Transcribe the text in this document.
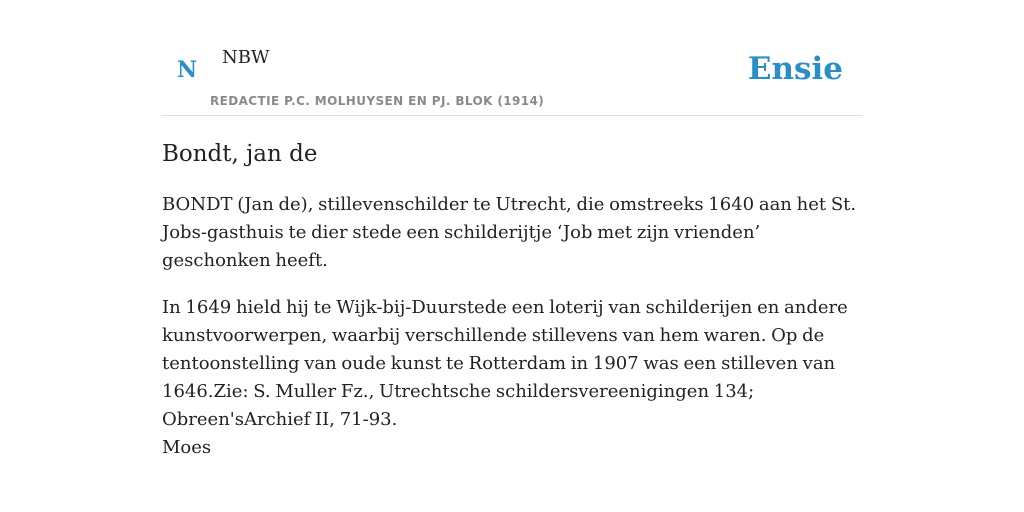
N NBW	Ensie
REDACTIE P.C. MOLHUYSEN EN PJ. BLOK (1914)
Bondt, jan de

BONDT (Jan de), stillevenschilder te Utrecht, die omstreeks 1640 aan het St. Jobs-gasthuis te dier stede een schilderijtje ‘Job met zijn vrienden’ geschonken heeft.

In 1649 hield hij te Wijk-bij-Duurstede een loterij van schilderijen en andere kunstvoorwerpen, waarbij verschillende stillevens van hem waren. Op de tentoonstelling van oude kunst te Rotterdam in 1907 was een stilleven van 1646.Zie: S. Muller Fz., Utrechtsche schildersvereenigingen 134; Obreen'sArchief II, 71-93.

Moes
